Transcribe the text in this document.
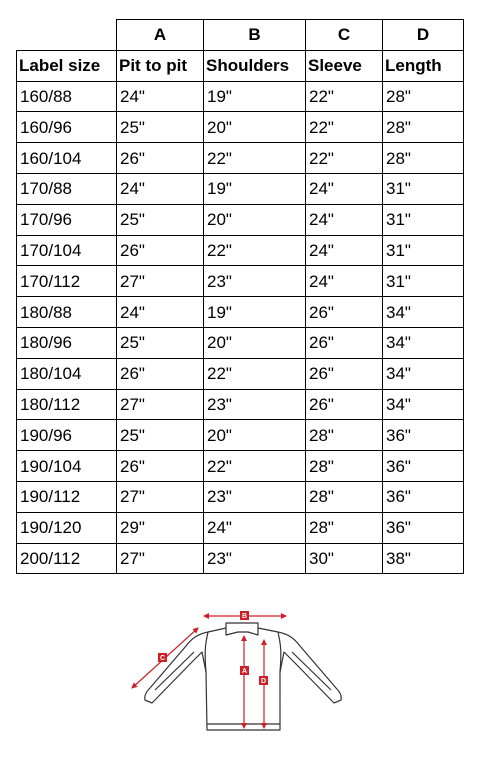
	A	B	C	D
Label size	Pit to pit	Shoulders	Sleeve	Length
160/88	24"	19"	22"	28"
160/96	25"	20"	22"	28"
160/104	26"	22"	22"	28"
170/88	24"	19"	24"	31"
170/96	25"	20"	24"	31"
170/104	26"	22"	24"	31"
170/112	27"	23"	24"	31"
180/88	24"	19"	26"	34"
180/96	25"	20"	26"	34"
180/104	26"	22"	26"	34"
180/112	27"	23"	26"	34"
190/96	25"	20"	28"	36"
190/104	26"	22"	28"	36"
190/112	27"	23"	28"	36"
190/120	29"	24"	28"	36"
200/112	27"	23"	30"	38"
B
C
A
D
